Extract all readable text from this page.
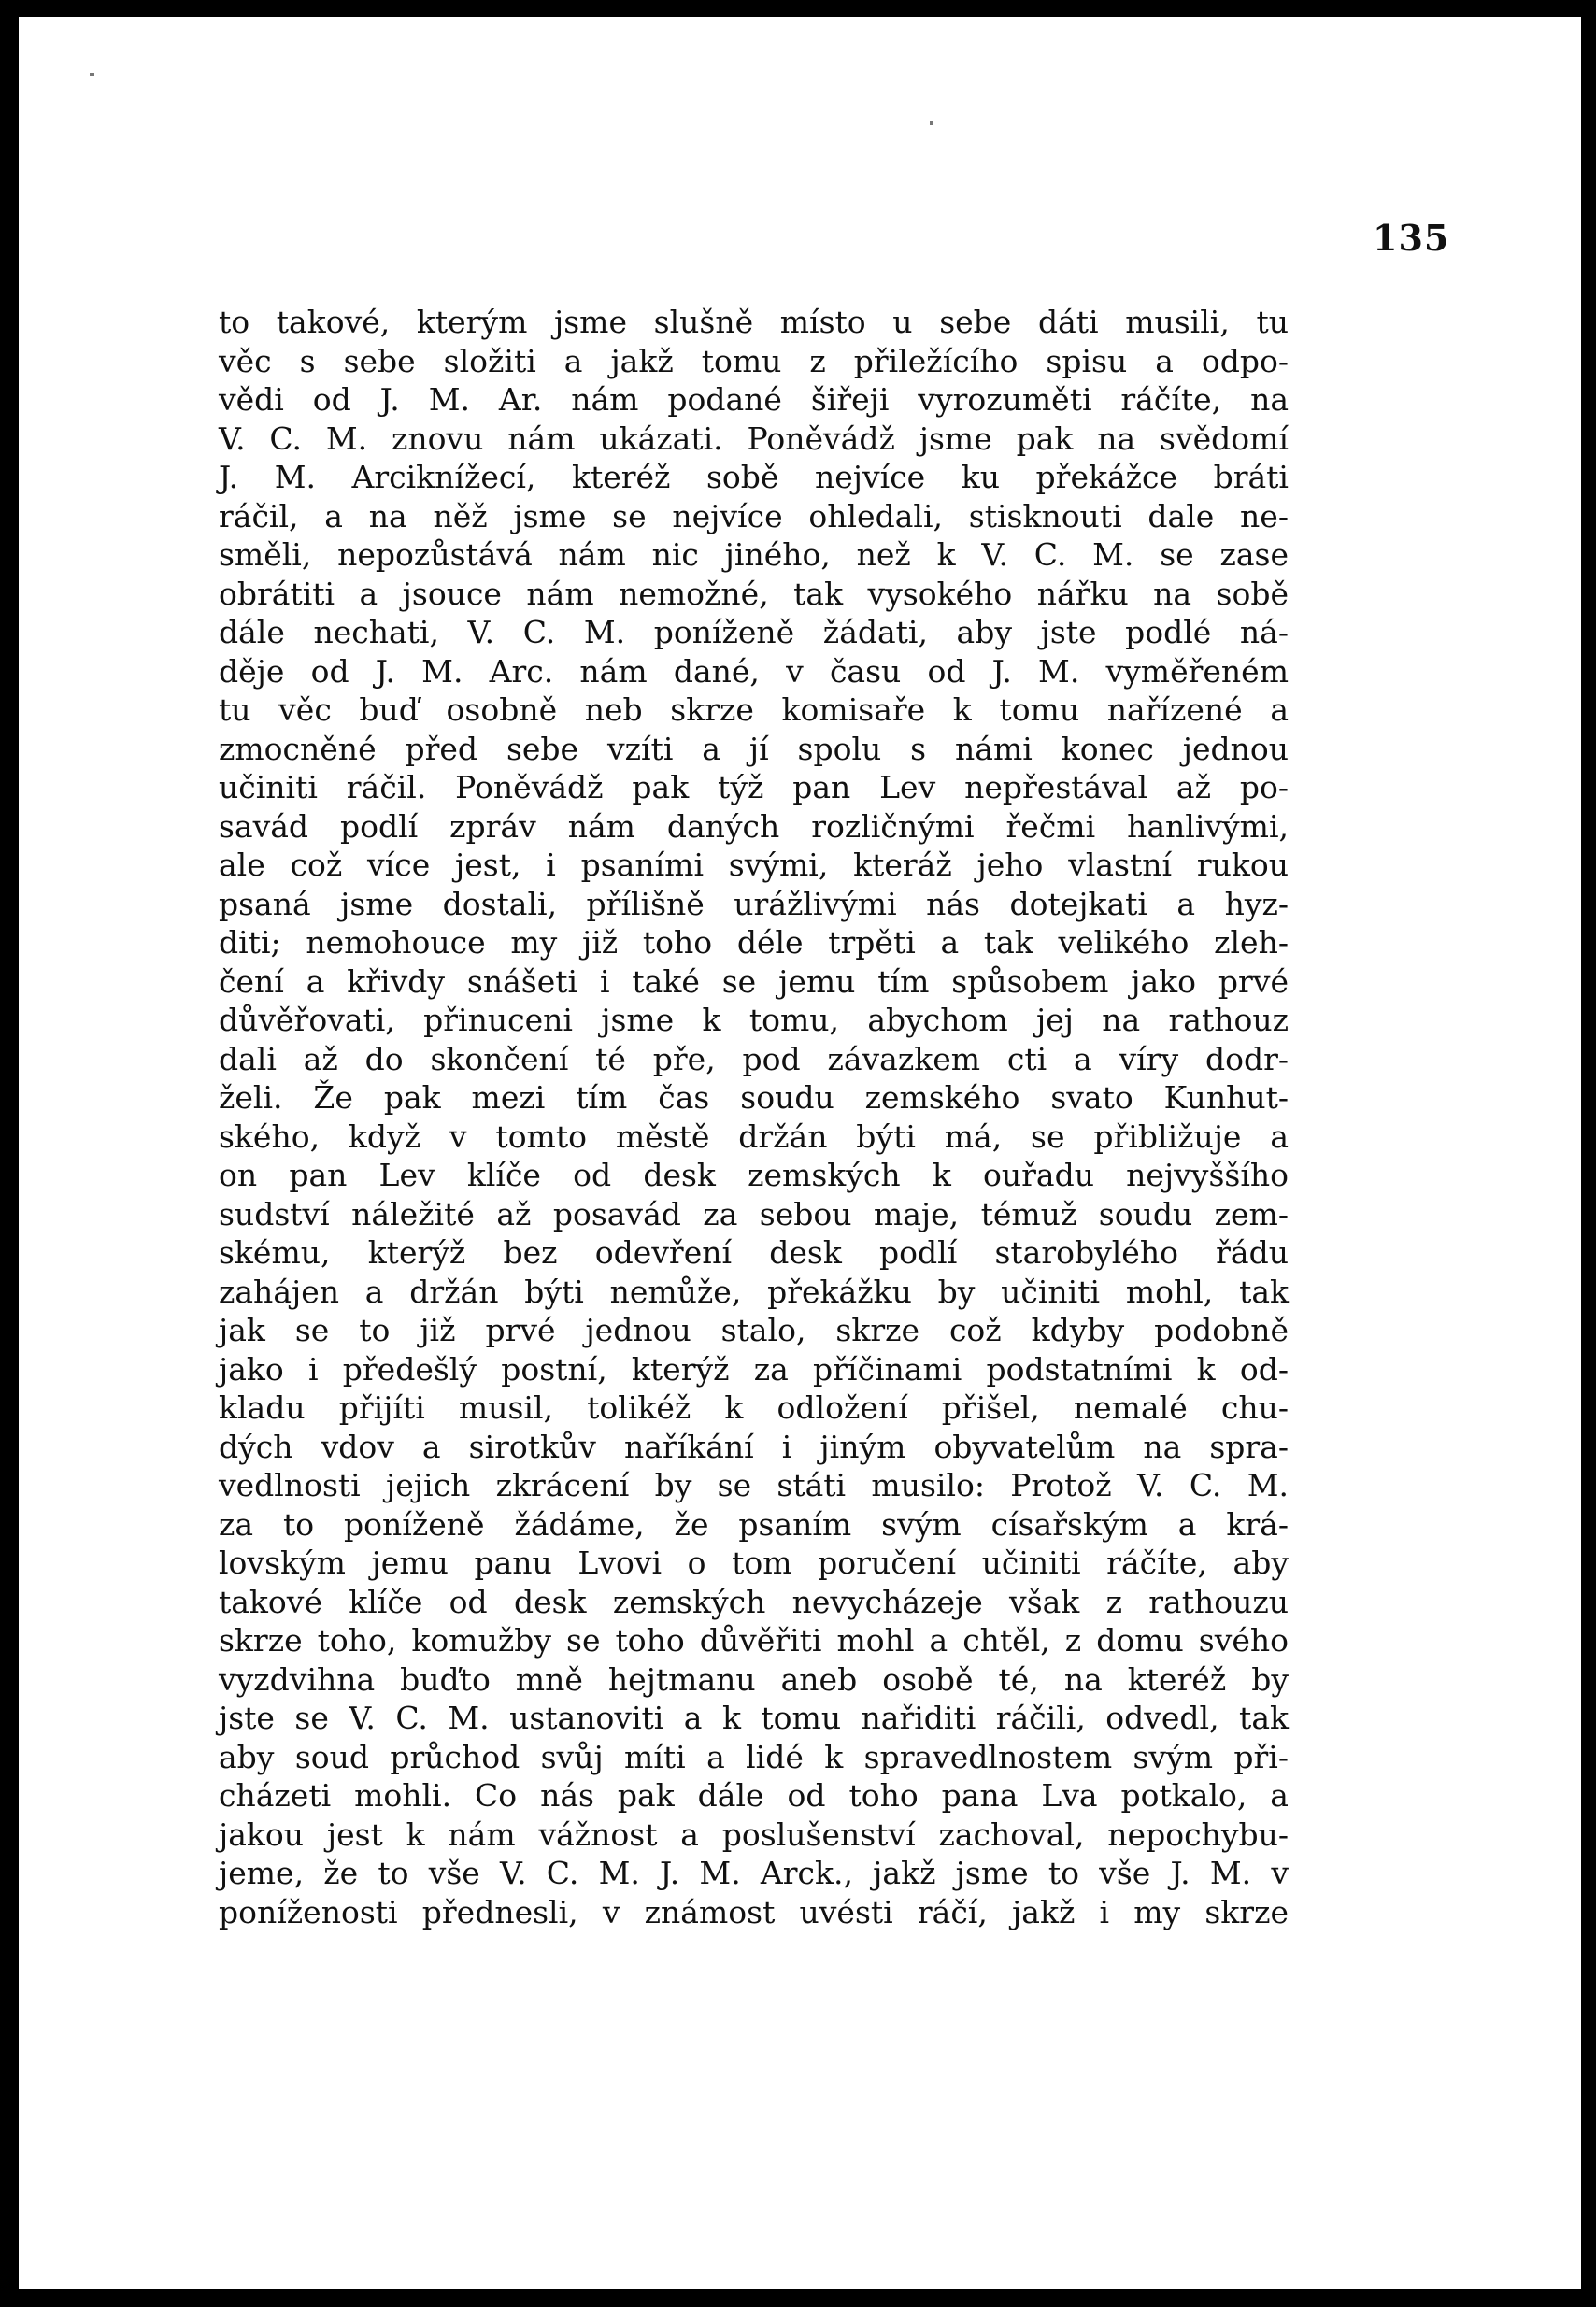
135
to takové, kterým jsme slušně místo u sebe dáti musili, tu
věc s sebe složiti a jakž tomu z přiležícího spisu a odpo-
vědi od J. M. Ar. nám podané šiřeji vyrozuměti ráčíte, na
V. C. M. znovu nám ukázati. Poněvádž jsme pak na svědomí
J. M. Arciknížecí, kteréž sobě nejvíce ku překážce bráti
ráčil, a na něž jsme se nejvíce ohledali, stisknouti dale ne-
směli, nepozůstává nám nic jiného, než k V. C. M. se zase
obrátiti a jsouce nám nemožné, tak vysokého nářku na sobě
dále nechati, V. C. M. poníženě žádati, aby jste podlé ná-
děje od J. M. Arc. nám dané, v času od J. M. vyměřeném
tu věc buď osobně neb skrze komisaře k tomu nařízené a
zmocněné před sebe vzíti a jí spolu s námi konec jednou
učiniti ráčil. Poněvádž pak týž pan Lev nepřestával až po-
savád podlí zpráv nám daných rozličnými řečmi hanlivými,
ale což více jest, i psaními svými, kteráž jeho vlastní rukou
psaná jsme dostali, přílišně urážlivými nás dotejkati a hyz-
diti; nemohouce my již toho déle trpěti a tak velikého zleh-
čení a křivdy snášeti i také se jemu tím spůsobem jako prvé
důvěřovati, přinuceni jsme k tomu, abychom jej na rathouz
dali až do skončení té pře, pod závazkem cti a víry dodr-
želi. Že pak mezi tím čas soudu zemského svato Kunhut-
ského, když v tomto městě držán býti má, se přibližuje a
on pan Lev klíče od desk zemských k ouřadu nejvyššího
sudství náležité až posavád za sebou maje, témuž soudu zem-
skému, kterýž bez odevření desk podlí starobylého řádu
zahájen a držán býti nemůže, překážku by učiniti mohl, tak
jak se to již prvé jednou stalo, skrze což kdyby podobně
jako i předešlý postní, kterýž za příčinami podstatními k od-
kladu přijíti musil, tolikéž k odložení přišel, nemalé chu-
dých vdov a sirotkův naříkání i jiným obyvatelům na spra-
vedlnosti jejich zkrácení by se státi musilo: Protož V. C. M.
za to poníženě žádáme, že psaním svým císařským a krá-
lovským jemu panu Lvovi o tom poručení učiniti ráčíte, aby
takové klíče od desk zemských nevycházeje však z rathouzu
skrze toho, komužby se toho důvěřiti mohl a chtěl, z domu svého
vyzdvihna buďto mně hejtmanu aneb osobě té, na kteréž by
jste se V. C. M. ustanoviti a k tomu nařiditi ráčili, odvedl, tak
aby soud průchod svůj míti a lidé k spravedlnostem svým při-
cházeti mohli. Co nás pak dále od toho pana Lva potkalo, a
jakou jest k nám vážnost a poslušenství zachoval, nepochybu-
jeme, že to vše V. C. M. J. M. Arck., jakž jsme to vše J. M. v
poníženosti přednesli, v známost uvésti ráčí, jakž i my skrze
